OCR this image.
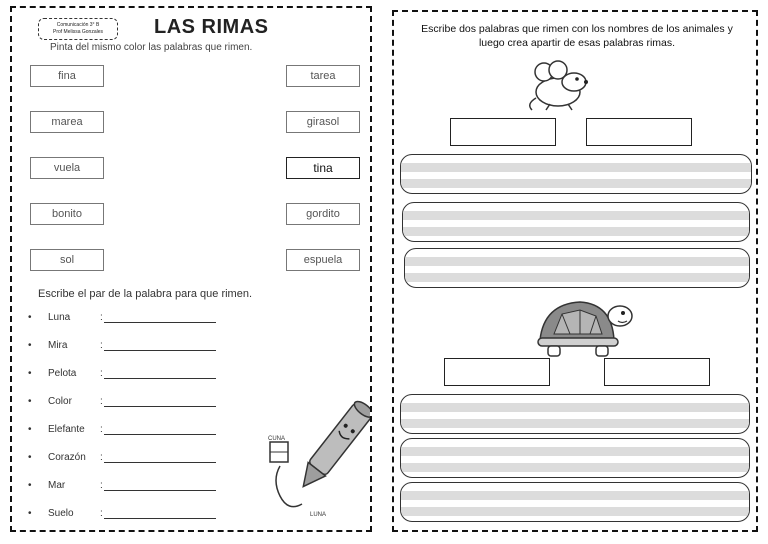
Comunicación 3° B
Prof Melissa Gonzales	LAS RIMAS
Pinta del mismo color las palabras que rimen.
fina
marea
vuela
bonito
sol
tarea
girasol
tina
gordito
espuela
Escribe el par de la palabra para que rimen.
• Luna	:
• Mira	:
• Pelota :
• Color	:
• Elefante :
• Corazón :
• Mar	:
• Suelo	:
CUNA
LUNA
Escribe dos palabras que rimen con los nombres de los animales y luego crea apartir de esas palabras rimas.
